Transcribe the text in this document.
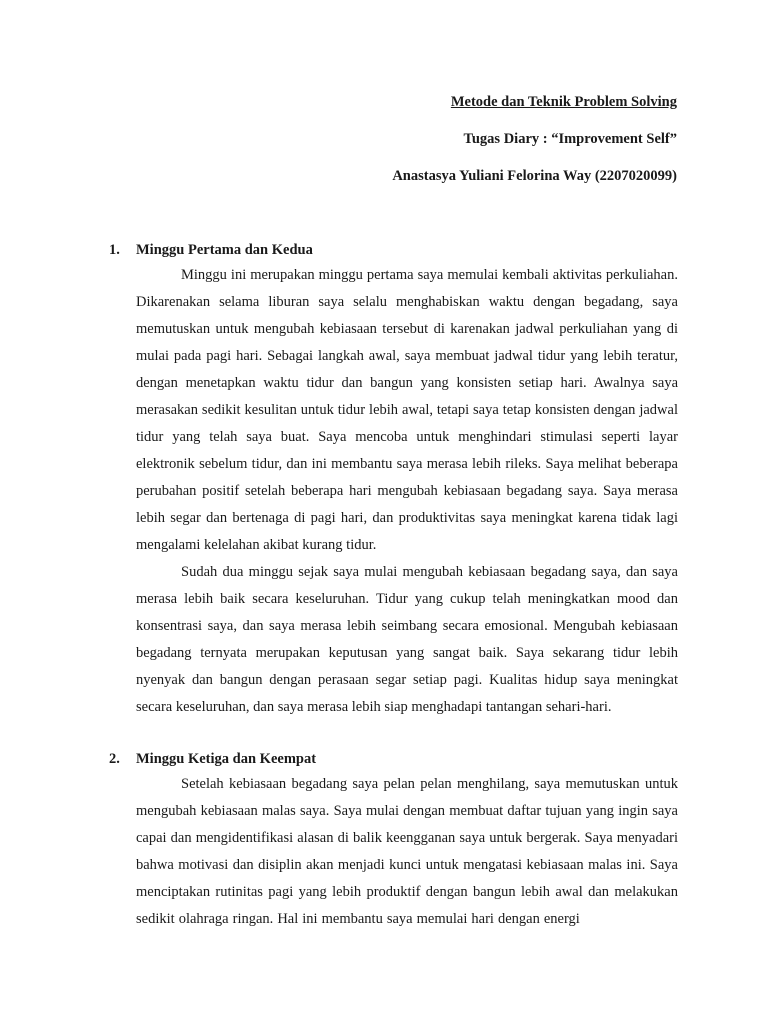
Metode dan Teknik Problem Solving
Tugas Diary : “Improvement Self”
Anastasya Yuliani Felorina Way (2207020099)
1.	Minggu Pertama dan Kedua

Minggu ini merupakan minggu pertama saya memulai kembali aktivitas perkuliahan. Dikarenakan selama liburan saya selalu menghabiskan waktu dengan begadang, saya memutuskan untuk mengubah kebiasaan tersebut di karenakan jadwal perkuliahan yang di mulai pada pagi hari. Sebagai langkah awal, saya membuat jadwal tidur yang lebih teratur, dengan menetapkan waktu tidur dan bangun yang konsisten setiap hari. Awalnya saya merasakan sedikit kesulitan untuk tidur lebih awal, tetapi saya tetap konsisten dengan jadwal tidur yang telah saya buat. Saya mencoba untuk menghindari stimulasi seperti layar elektronik sebelum tidur, dan ini membantu saya merasa lebih rileks. Saya melihat beberapa perubahan positif setelah beberapa hari mengubah kebiasaan begadang saya. Saya merasa lebih segar dan bertenaga di pagi hari, dan produktivitas saya meningkat karena tidak lagi mengalami kelelahan akibat kurang tidur.

Sudah dua minggu sejak saya mulai mengubah kebiasaan begadang saya, dan saya merasa lebih baik secara keseluruhan. Tidur yang cukup telah meningkatkan mood dan konsentrasi saya, dan saya merasa lebih seimbang secara emosional. Mengubah kebiasaan begadang ternyata merupakan keputusan yang sangat baik. Saya sekarang tidur lebih nyenyak dan bangun dengan perasaan segar setiap pagi. Kualitas hidup saya meningkat secara keseluruhan, dan saya merasa lebih siap menghadapi tantangan sehari-hari.

2.	Minggu Ketiga dan Keempat

Setelah kebiasaan begadang saya pelan pelan menghilang, saya memutuskan untuk mengubah kebiasaan malas saya. Saya mulai dengan membuat daftar tujuan yang ingin saya capai dan mengidentifikasi alasan di balik keengganan saya untuk bergerak. Saya menyadari bahwa motivasi dan disiplin akan menjadi kunci untuk mengatasi kebiasaan malas ini. Saya menciptakan rutinitas pagi yang lebih produktif dengan bangun lebih awal dan melakukan sedikit olahraga ringan. Hal ini membantu saya memulai hari dengan energi
